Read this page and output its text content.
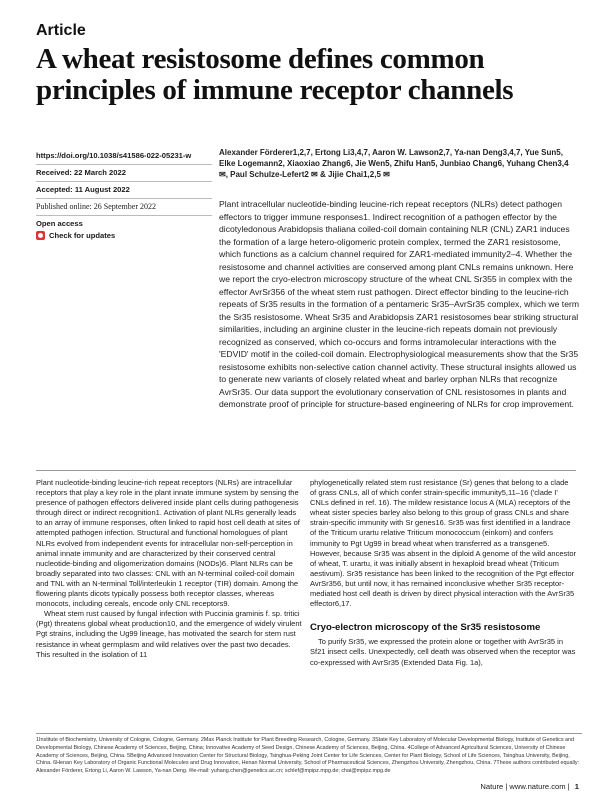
Article
A wheat resistosome defines common principles of immune receptor channels
https://doi.org/10.1038/s41586-022-05231-w
Received: 22 March 2022
Accepted: 11 August 2022
Published online: 26 September 2022
Open access
Check for updates
Alexander Förderer1,2,7, Ertong Li3,4,7, Aaron W. Lawson2,7, Ya-nan Deng3,4,7, Yue Sun5, Elke Logemann2, Xiaoxiao Zhang6, Jie Wen5, Zhifu Han5, Junbiao Chang6, Yuhang Chen3,4 ✉, Paul Schulze-Lefert2 ✉ & Jijie Chai1,2,5 ✉
Plant intracellular nucleotide-binding leucine-rich repeat receptors (NLRs) detect pathogen effectors to trigger immune responses1. Indirect recognition of a pathogen effector by the dicotyledonous Arabidopsis thaliana coiled-coil domain containing NLR (CNL) ZAR1 induces the formation of a large hetero-oligomeric protein complex, termed the ZAR1 resistosome, which functions as a calcium channel required for ZAR1-mediated immunity2–4. Whether the resistosome and channel activities are conserved among plant CNLs remains unknown. Here we report the cryo-electron microscopy structure of the wheat CNL Sr355 in complex with the effector AvrSr356 of the wheat stem rust pathogen. Direct effector binding to the leucine-rich repeats of Sr35 results in the formation of a pentameric Sr35–AvrSr35 complex, which we term the Sr35 resistosome. Wheat Sr35 and Arabidopsis ZAR1 resistosomes bear striking structural similarities, including an arginine cluster in the leucine-rich repeats domain not previously recognized as conserved, which co-occurs and forms intramolecular interactions with the 'EDVID' motif in the coiled-coil domain. Electrophysiological measurements show that the Sr35 resistosome exhibits non-selective cation channel activity. These structural insights allowed us to generate new variants of closely related wheat and barley orphan NLRs that recognize AvrSr35. Our data support the evolutionary conservation of CNL resistosomes in plants and demonstrate proof of principle for structure-based engineering of NLRs for crop improvement.

Plant nucleotide-binding leucine-rich repeat receptors (NLRs) are intracellular receptors that play a key role in the plant innate immune system by sensing the presence of pathogen effectors delivered inside plant cells during pathogenesis through direct or indirect recognition1. Activation of plant NLRs generally leads to an array of immune responses, often linked to rapid host cell death at sites of attempted pathogen infection. Structural and functional homologues of plant NLRs evolved from independent events for intracellular non-self-perception in animal innate immunity and are characterized by their conserved central nucleotide-binding and oligomerization domains (NODs)6. Plant NLRs can be broadly separated into two classes: CNL with an N-terminal coiled-coil domain and TNL with an N-terminal Toll/interleukin 1 receptor (TIR) domain. Among the flowering plants dicots typically possess both receptor classes, whereas monocots, including cereals, encode only CNL receptors9.

Wheat stem rust caused by fungal infection with Puccinia graminis f. sp. tritici (Pgt) threatens global wheat production10, and the emergence of widely virulent Pgt strains, including the Ug99 lineage, has motivated the search for stem rust resistance in wheat germplasm and wild relatives over the past two decades. This resulted in the isolation of 11

phylogenetically related stem rust resistance (Sr) genes that belong to a clade of grass CNLs, all of which confer strain-specific immunity5,11–16 ('clade I' CNLs defined in ref. 16). The mildew resistance locus A (MLA) receptors of the wheat sister species barley also belong to this group of grass CNLs and share strain-specific immunity with Sr genes16. Sr35 was first identified in a landrace of the Triticum urartu relative Triticum monococcum (einkorn) and confers immunity to Pgt Ug99 in bread wheat when transferred as a transgene5. However, because Sr35 was absent in the diploid A genome of the wild ancestor of wheat, T. urartu, it was initially absent in hexaploid bread wheat (Triticum aestivum). Sr35 resistance has been linked to the recognition of the Pgt effector AvrSr356, but until now, it has remained inconclusive whether Sr35 receptor-mediated host cell death is driven by direct physical interaction with the AvrSr35 effector6,17.

Cryo-electron microscopy of the Sr35 resistosome

To purify Sr35, we expressed the protein alone or together with AvrSr35 in Sf21 insect cells. Unexpectedly, cell death was observed when the receptor was co-expressed with AvrSr35 (Extended Data Fig. 1a),

1Institute of Biochemistry, University of Cologne, Cologne, Germany. 2Max Planck Institute for Plant Breeding Research, Cologne, Germany. 3State Key Laboratory of Molecular Developmental Biology, Institute of Genetics and Developmental Biology, Chinese Academy of Sciences, Beijing, China; Innovative Academy of Seed Design, Chinese Academy of Sciences, Beijing, China. 4College of Advanced Agricultural Sciences, University of Chinese Academy of Sciences, Beijing, China. 5Beijing Advanced Innovation Center for Structural Biology, Tsinghua-Peking Joint Center for Life Sciences, Center for Plant Biology, School of Life Sciences, Tsinghua University, Beijing, China. 6Henan Key Laboratory of Organic Functional Molecules and Drug Innovation, Henan Normal University, School of Pharmaceutical Sciences, Zhengzhou University, Zhengzhou, China. 7These authors contributed equally: Alexander Förderer, Ertong Li, Aaron W. Lawson, Ya-nan Deng. ✉e-mail: yuhang.chen@genetics.ac.cn; schlef@mpipz.mpg.de; chai@mpipz.mpg.de
Nature | www.nature.com | 1
